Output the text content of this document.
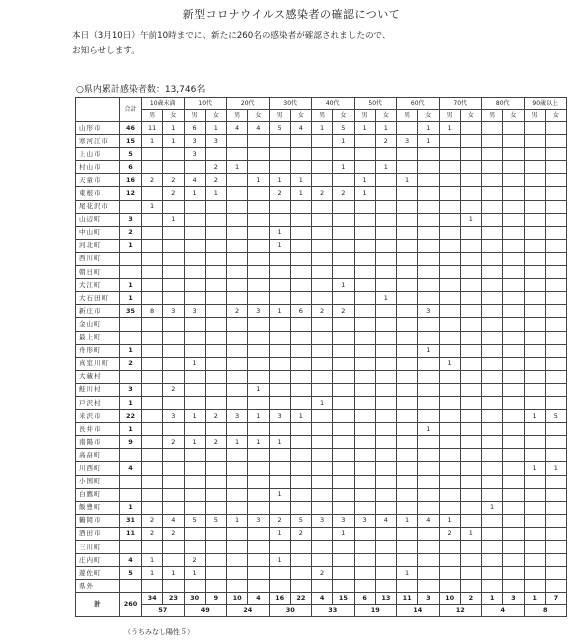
新型コロナウイルス感染者の確認について

本日（3月10日）午前10時までに、新たに260名の感染者が確認されましたので、

お知らせします。

○県内累計感染者数：13,746名
	合計	10歳未満		10代		20代		30代		40代		50代		60代		70代		80代		90歳以上	
		男	女	男	女	男	女	男	女	男	女	男	女	男	女	男	女	男	女	男	女
山形市	46	11	1	6	1	4	4	5	4	1	5	1	1		1	1					
寒河江市	15	1	1	3	3						1		2	3	1						
上山市	5			3																	
村山市	6				2	1					1		1								
天童市	16	2	2	4	2		1	1	1			1		1							
東根市	12		2	1	1			2	1	2	2	1									
尾花沢市		1																			
山辺町	3		1														1				
中山町	2							1													
河北町	1							1													
西川町																					
朝日町																					
大江町	1										1										
大石田町	1												1								
新庄市	35	8	3	3		2	3	1	6	2	2				3						
金山町																					
最上町																					
舟形町	1														1						
真室川町	2			1												1					
大蔵村																					
鮭川村	3		2				1														
戸沢村	1									1											
米沢市	22		3	1	2	3	1	3	1											1	5
長井市	1														1						
南陽市	9		2	1	2	1	1	1													
高畠町																					
川西町	4																			1	1
小国町																					
白鷹町								1													
飯豊町	1																	1			
鶴岡市	31	2	4	5	5	1	3	2	5	3	3	3	4	1	4	1					
酒田市	11	2	2					1	2		1					2	1				
三川町																					
庄内町	4	1		2				1													
遊佐町	5	1	1	1						2				1							
県外																					
計	260	34	23	30	9	10	4	16	22	4	15	6	13	11	3	10	2	1	3	1	7
		57		49		24		30		33		19		14		12		4		8	
（うちみなし陽性５）
